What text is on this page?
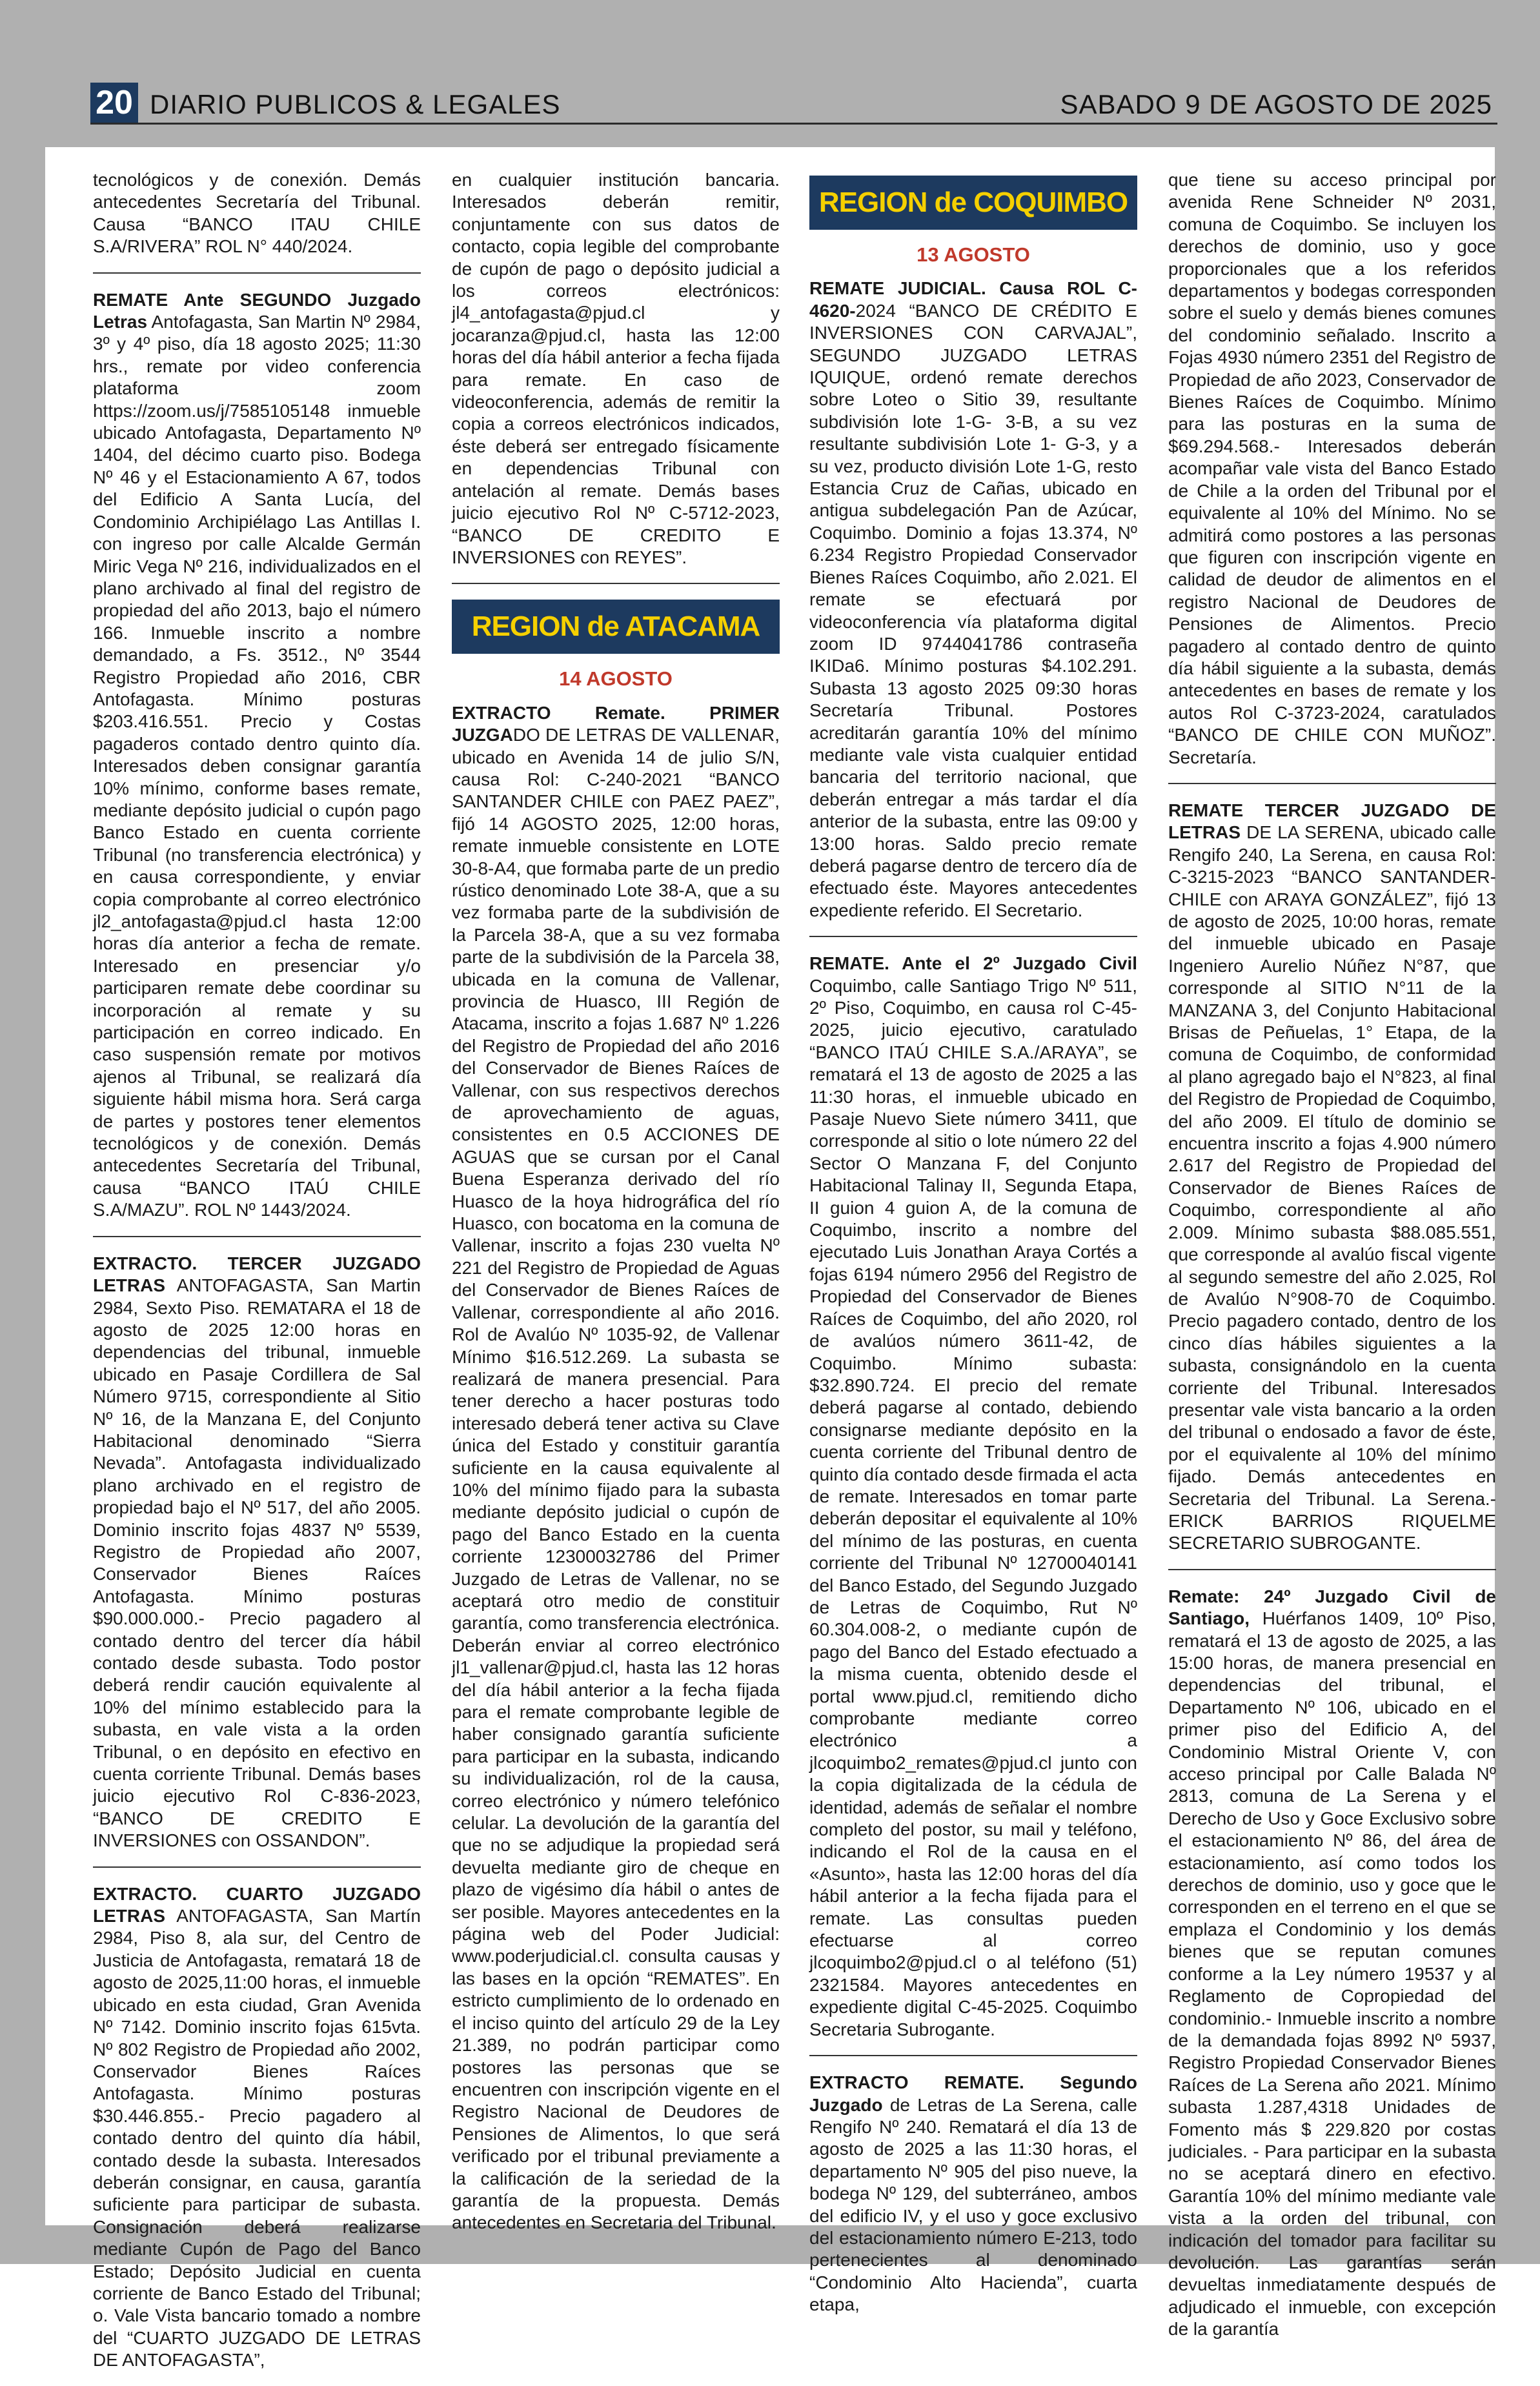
20 DIARIO PUBLICOS & LEGALES	SABADO 9 DE AGOSTO DE 2025

tecnológicos y de conexión. Demás antecedentes Secretaría del Tribunal. Causa “BANCO ITAU CHILE S.A/RIVERA” ROL N° 440/2024.

REMATE Ante SEGUNDO Juzgado Letras Antofagasta, San Martin Nº 2984, 3º y 4º piso, día 18 agosto 2025; 11:30 hrs., remate por video conferencia plataforma zoom https://zoom.us/j/7585105148 inmueble ubicado Antofagasta, Departamento Nº 1404, del décimo cuarto piso. Bodega Nº 46 y el Estacionamiento A 67, todos del Edificio A Santa Lucía, del Condominio Archipiélago Las Antillas I. con ingreso por calle Alcalde Germán Miric Vega Nº 216, individualizados en el plano archivado al final del registro de propiedad del año 2013, bajo el número 166. Inmueble inscrito a nombre demandado, a Fs. 3512., Nº 3544 Registro Propiedad año 2016, CBR Antofagasta. Mínimo posturas $203.416.551. Precio y Costas pagaderos contado dentro quinto día. Interesados deben consignar garantía 10% mínimo, conforme bases remate, mediante depósito judicial o cupón pago Banco Estado en cuenta corriente Tribunal (no transferencia electrónica) y en causa correspondiente, y enviar copia comprobante al correo electrónico jl2_antofagasta@pjud.cl hasta 12:00 horas día anterior a fecha de remate. Interesado en presenciar y/o participaren remate debe coordinar su incorporación al remate y su participación en correo indicado. En caso suspensión remate por motivos ajenos al Tribunal, se realizará día siguiente hábil misma hora. Será carga de partes y postores tener elementos tecnológicos y de conexión. Demás antecedentes Secretaría del Tribunal, causa “BANCO ITAÚ CHILE S.A/MAZU”. ROL Nº 1443/2024.

EXTRACTO. TERCER JUZGADO LETRAS ANTOFAGASTA, San Martin 2984, Sexto Piso. REMATARA el 18 de agosto de 2025 12:00 horas en dependencias del tribunal, inmueble ubicado en Pasaje Cordillera de Sal Número 9715, correspondiente al Sitio Nº 16, de la Manzana E, del Conjunto Habitacional denominado “Sierra Nevada”. Antofagasta individualizado plano archivado en el registro de propiedad bajo el Nº 517, del año 2005. Dominio inscrito fojas 4837 Nº 5539, Registro de Propiedad año 2007, Conservador Bienes Raíces Antofagasta. Mínimo posturas $90.000.000.- Precio pagadero al contado dentro del tercer día hábil contado desde subasta. Todo postor deberá rendir caución equivalente al 10% del mínimo establecido para la subasta, en vale vista a la orden Tribunal, o en depósito en efectivo en cuenta corriente Tribunal. Demás bases juicio ejecutivo Rol C-836-2023, “BANCO DE CREDITO E INVERSIONES con OSSANDON”.

EXTRACTO. CUARTO JUZGADO LETRAS ANTOFAGASTA, San Martín 2984, Piso 8, ala sur, del Centro de Justicia de Antofagasta, rematará 18 de agosto de 2025,11:00 horas, el inmueble ubicado en esta ciudad, Gran Avenida Nº 7142. Dominio inscrito fojas 615vta. Nº 802 Registro de Propiedad año 2002, Conservador Bienes Raíces Antofagasta. Mínimo posturas $30.446.855.- Precio pagadero al contado dentro del quinto día hábil, contado desde la subasta. Interesados deberán consignar, en causa, garantía suficiente para participar de subasta. Consignación deberá realizarse mediante Cupón de Pago del Banco Estado; Depósito Judicial en cuenta corriente de Banco Estado del Tribunal; o. Vale Vista bancario tomado a nombre del “CUARTO JUZGADO DE LETRAS DE ANTOFAGASTA”,

en cualquier institución bancaria. Interesados deberán remitir, conjuntamente con sus datos de contacto, copia legible del comprobante de cupón de pago o depósito judicial a los correos electrónicos: jl4_antofagasta@pjud.cl y jocaranza@pjud.cl, hasta las 12:00 horas del día hábil anterior a fecha fijada para remate. En caso de videoconferencia, además de remitir la copia a correos electrónicos indicados, éste deberá ser entregado físicamente en dependencias Tribunal con antelación al remate. Demás bases juicio ejecutivo Rol Nº C-5712-2023, “BANCO DE CREDITO E INVERSIONES con REYES”.

REGION de ATACAMA
14 AGOSTO

EXTRACTO Remate. PRIMER JUZGADO DE LETRAS DE VALLENAR, ubicado en Avenida 14 de julio S/N, causa Rol: C-240-2021 “BANCO SANTANDER CHILE con PAEZ PAEZ”, fijó 14 AGOSTO 2025, 12:00 horas, remate inmueble consistente en LOTE 30-8-A4, que formaba parte de un predio rústico denominado Lote 38-A, que a su vez formaba parte de la subdivisión de la Parcela 38-A, que a su vez formaba parte de la subdivisión de la Parcela 38, ubicada en la comuna de Vallenar, provincia de Huasco, III Región de Atacama, inscrito a fojas 1.687 Nº 1.226 del Registro de Propiedad del año 2016 del Conservador de Bienes Raíces de Vallenar, con sus respectivos derechos de aprovechamiento de aguas, consistentes en 0.5 ACCIONES DE AGUAS que se cursan por el Canal Buena Esperanza derivado del río Huasco de la hoya hidrográfica del río Huasco, con bocatoma en la comuna de Vallenar, inscrito a fojas 230 vuelta Nº 221 del Registro de Propiedad de Aguas del Conservador de Bienes Raíces de Vallenar, correspondiente al año 2016. Rol de Avalúo Nº 1035-92, de Vallenar Mínimo $16.512.269. La subasta se realizará de manera presencial. Para tener derecho a hacer posturas todo interesado deberá tener activa su Clave única del Estado y constituir garantía suficiente en la causa equivalente al 10% del mínimo fijado para la subasta mediante depósito judicial o cupón de pago del Banco Estado en la cuenta corriente 12300032786 del Primer Juzgado de Letras de Vallenar, no se aceptará otro medio de constituir garantía, como transferencia electrónica. Deberán enviar al correo electrónico jl1_vallenar@pjud.cl, hasta las 12 horas del día hábil anterior a la fecha fijada para el remate comprobante legible de haber consignado garantía suficiente para participar en la subasta, indicando su individualización, rol de la causa, correo electrónico y número telefónico celular. La devolución de la garantía del que no se adjudique la propiedad será devuelta mediante giro de cheque en plazo de vigésimo día hábil o antes de ser posible. Mayores antecedentes en la página web del Poder Judicial: www.poderjudicial.cl. consulta causas y las bases en la opción “REMATES”. En estricto cumplimiento de lo ordenado en el inciso quinto del artículo 29 de la Ley 21.389, no podrán participar como postores las personas que se encuentren con inscripción vigente en el Registro Nacional de Deudores de Pensiones de Alimentos, lo que será verificado por el tribunal previamente a la calificación de la seriedad de la garantía de la propuesta. Demás antecedentes en Secretaria del Tribunal.

REGION de COQUIMBO
13 AGOSTO

REMATE JUDICIAL. Causa ROL C-4620-2024 “BANCO DE CRÉDITO E INVERSIONES CON CARVAJAL”, SEGUNDO JUZGADO LETRAS IQUIQUE, ordenó remate derechos sobre Loteo o Sitio 39, resultante subdivisión lote 1-G- 3-B, a su vez resultante subdivisión Lote 1- G-3, y a su vez, producto división Lote 1-G, resto Estancia Cruz de Cañas, ubicado en antigua subdelegación Pan de Azúcar, Coquimbo. Dominio a fojas 13.374, Nº 6.234 Registro Propiedad Conservador Bienes Raíces Coquimbo, año 2.021. El remate se efectuará por videoconferencia vía plataforma digital zoom ID 9744041786 contraseña IKIDa6. Mínimo posturas $4.102.291. Subasta 13 agosto 2025 09:30 horas Secretaría Tribunal. Postores acreditarán garantía 10% del mínimo mediante vale vista cualquier entidad bancaria del territorio nacional, que deberán entregar a más tardar el día anterior de la subasta, entre las 09:00 y 13:00 horas. Saldo precio remate deberá pagarse dentro de tercero día de efectuado éste. Mayores antecedentes expediente referido. El Secretario.

REMATE. Ante el 2º Juzgado Civil Coquimbo, calle Santiago Trigo Nº 511, 2º Piso, Coquimbo, en causa rol C-45-2025, juicio ejecutivo, caratulado “BANCO ITAÚ CHILE S.A./ARAYA”, se rematará el 13 de agosto de 2025 a las 11:30 horas, el inmueble ubicado en Pasaje Nuevo Siete número 3411, que corresponde al sitio o lote número 22 del Sector O Manzana F, del Conjunto Habitacional Talinay II, Segunda Etapa, II guion 4 guion A, de la comuna de Coquimbo, inscrito a nombre del ejecutado Luis Jonathan Araya Cortés a fojas 6194 número 2956 del Registro de Propiedad del Conservador de Bienes Raíces de Coquimbo, del año 2020, rol de avalúos número 3611-42, de Coquimbo. Mínimo subasta: $32.890.724. El precio del remate deberá pagarse al contado, debiendo consignarse mediante depósito en la cuenta corriente del Tribunal dentro de quinto día contado desde firmada el acta de remate. Interesados en tomar parte deberán depositar el equivalente al 10% del mínimo de las posturas, en cuenta corriente del Tribunal Nº 12700040141 del Banco Estado, del Segundo Juzgado de Letras de Coquimbo, Rut Nº 60.304.008-2, o mediante cupón de pago del Banco del Estado efectuado a la misma cuenta, obtenido desde el portal www.pjud.cl, remitiendo dicho comprobante mediante correo electrónico a jlcoquimbo2_remates@pjud.cl junto con la copia digitalizada de la cédula de identidad, además de señalar el nombre completo del postor, su mail y teléfono, indicando el Rol de la causa en el «Asunto», hasta las 12:00 horas del día hábil anterior a la fecha fijada para el remate. Las consultas pueden efectuarse al correo jlcoquimbo2@pjud.cl o al teléfono (51) 2321584. Mayores antecedentes en expediente digital C-45-2025. Coquimbo Secretaria Subrogante.

EXTRACTO REMATE. Segundo Juzgado de Letras de La Serena, calle Rengifo Nº 240. Rematará el día 13 de agosto de 2025 a las 11:30 horas, el departamento Nº 905 del piso nueve, la bodega Nº 129, del subterráneo, ambos del edificio IV, y el uso y goce exclusivo del estacionamiento número E-213, todo pertenecientes al denominado “Condominio Alto Hacienda”, cuarta etapa,

que tiene su acceso principal por avenida Rene Schneider Nº 2031, comuna de Coquimbo. Se incluyen los derechos de dominio, uso y goce proporcionales que a los referidos departamentos y bodegas corresponden sobre el suelo y demás bienes comunes del condominio señalado. Inscrito a Fojas 4930 número 2351 del Registro de Propiedad de año 2023, Conservador de Bienes Raíces de Coquimbo. Mínimo para las posturas en la suma de $69.294.568.- Interesados deberán acompañar vale vista del Banco Estado de Chile a la orden del Tribunal por el equivalente al 10% del Mínimo. No se admitirá como postores a las personas que figuren con inscripción vigente en calidad de deudor de alimentos en el registro Nacional de Deudores de Pensiones de Alimentos. Precio pagadero al contado dentro de quinto día hábil siguiente a la subasta, demás antecedentes en bases de remate y los autos Rol C-3723-2024, caratulados “BANCO DE CHILE CON MUÑOZ”. Secretaría.

REMATE TERCER JUZGADO DE LETRAS DE LA SERENA, ubicado calle Rengifo 240, La Serena, en causa Rol: C-3215-2023 “BANCO SANTANDER-CHILE con ARAYA GONZÁLEZ”, fijó 13 de agosto de 2025, 10:00 horas, remate del inmueble ubicado en Pasaje Ingeniero Aurelio Núñez N°87, que corresponde al SITIO N°11 de la MANZANA 3, del Conjunto Habitacional Brisas de Peñuelas, 1° Etapa, de la comuna de Coquimbo, de conformidad al plano agregado bajo el N°823, al final del Registro de Propiedad de Coquimbo, del año 2009. El título de dominio se encuentra inscrito a fojas 4.900 número 2.617 del Registro de Propiedad del Conservador de Bienes Raíces de Coquimbo, correspondiente al año 2.009. Mínimo subasta $88.085.551, que corresponde al avalúo fiscal vigente al segundo semestre del año 2.025, Rol de Avalúo N°908-70 de Coquimbo. Precio pagadero contado, dentro de los cinco días hábiles siguientes a la subasta, consignándolo en la cuenta corriente del Tribunal. Interesados presentar vale vista bancario a la orden del tribunal o endosado a favor de éste, por el equivalente al 10% del mínimo fijado. Demás antecedentes en Secretaria del Tribunal. La Serena.- ERICK BARRIOS RIQUELME SECRETARIO SUBROGANTE.

Remate: 24º Juzgado Civil de Santiago, Huérfanos 1409, 10º Piso, rematará el 13 de agosto de 2025, a las 15:00 horas, de manera presencial en dependencias del tribunal, el Departamento Nº 106, ubicado en el primer piso del Edificio A, del Condominio Mistral Oriente V, con acceso principal por Calle Balada Nº 2813, comuna de La Serena y el Derecho de Uso y Goce Exclusivo sobre el estacionamiento Nº 86, del área de estacionamiento, así como todos los derechos de dominio, uso y goce que le corresponden en el terreno en el que se emplaza el Condominio y los demás bienes que se reputan comunes conforme a la Ley número 19537 y al Reglamento de Copropiedad del condominio.- Inmueble inscrito a nombre de la demandada fojas 8992 Nº 5937, Registro Propiedad Conservador Bienes Raíces de La Serena año 2021. Mínimo subasta 1.287,4318 Unidades de Fomento más $ 229.820 por costas judiciales. - Para participar en la subasta no se aceptará dinero en efectivo. Garantía 10% del mínimo mediante vale vista a la orden del tribunal, con indicación del tomador para facilitar su devolución. Las garantías serán devueltas inmediatamente después de adjudicado el inmueble, con excepción de la garantía
